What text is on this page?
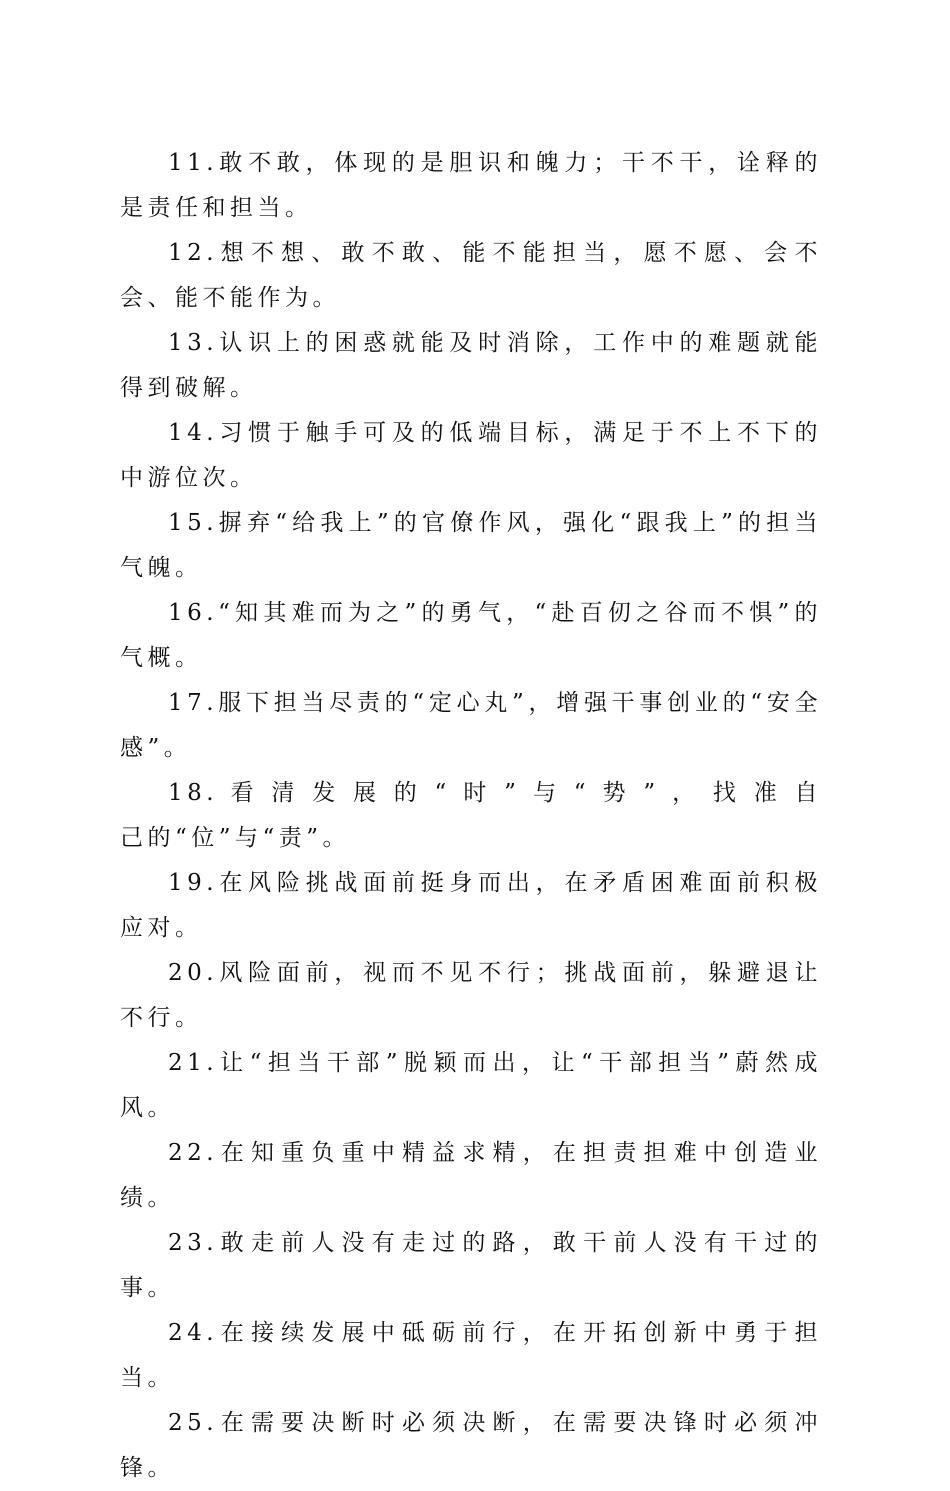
11.敢不敢，体现的是胆识和魄力；干不干，诠释的是责任和担当。

12.想不想、敢不敢、能不能担当，愿不愿、会不会、能不能作为。

13.认识上的困惑就能及时消除，工作中的难题就能得到破解。

14.习惯于触手可及的低端目标，满足于不上不下的中游位次。

15.摒弃“给我上”的官僚作风，强化“跟我上”的担当气魄。

16.“知其难而为之”的勇气，“赴百仞之谷而不惧”的气概。

17.服下担当尽责的“定心丸”，增强干事创业的“安全感”。

18. 看 清 发 展 的 “ 时 ” 与 “ 势 ” ， 找 准 自 己的“位”与“责”。

19.在风险挑战面前挺身而出，在矛盾困难面前积极应对。

20.风险面前，视而不见不行；挑战面前，躲避退让不行。

21.让“担当干部”脱颖而出，让“干部担当”蔚然成风。

22.在知重负重中精益求精，在担责担难中创造业绩。

23.敢走前人没有走过的路，敢干前人没有干过的事。

24.在接续发展中砥砺前行，在开拓创新中勇于担当。

25.在需要决断时必须决断，在需要决锋时必须冲锋。
